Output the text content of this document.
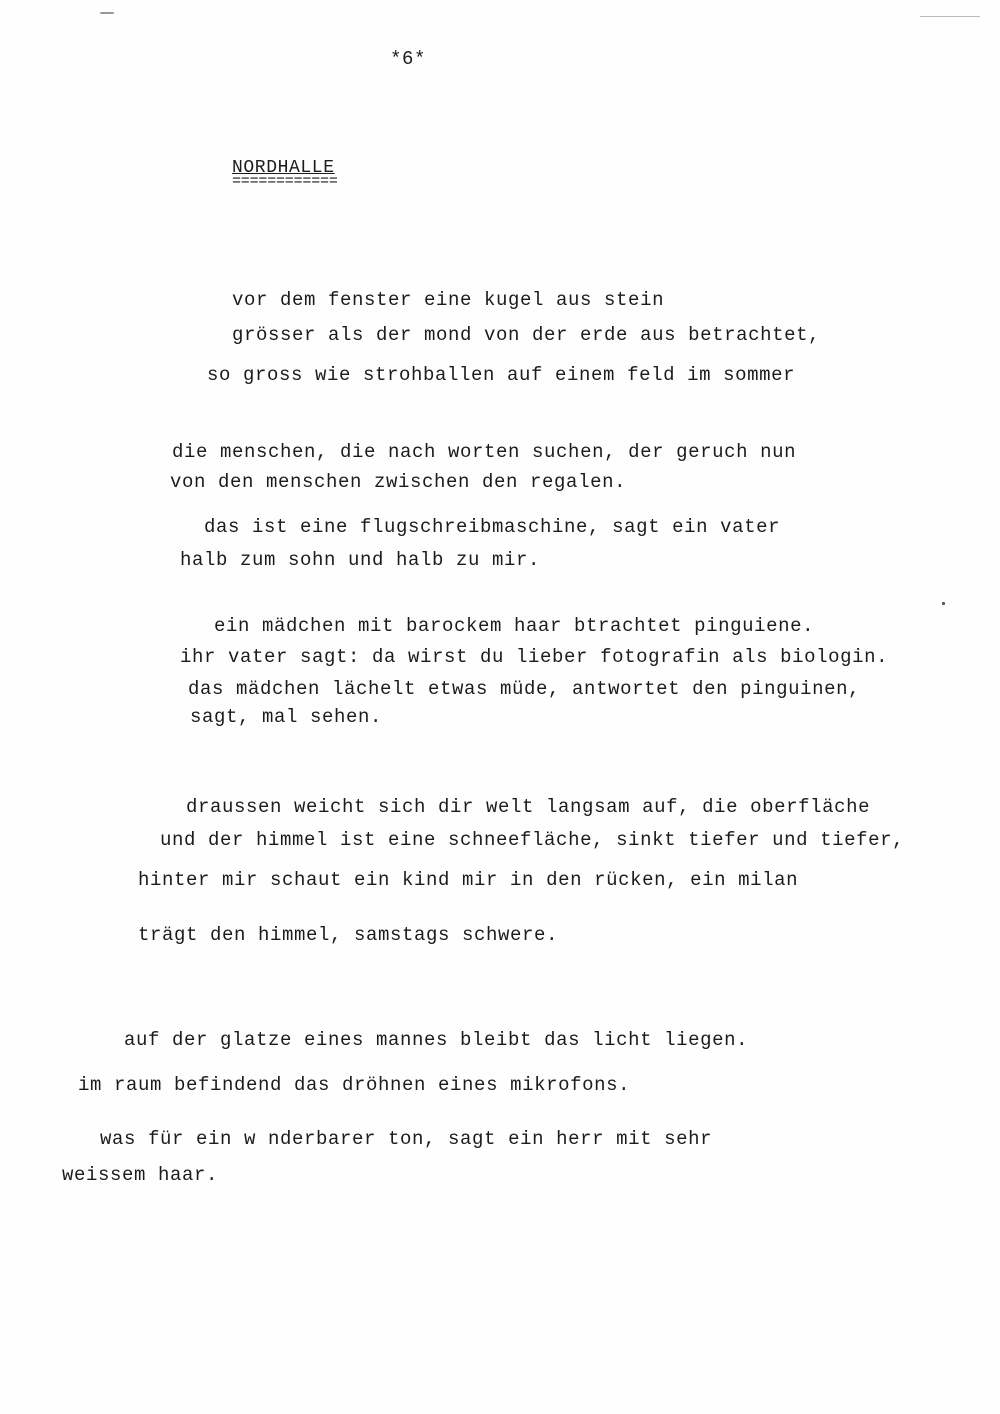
*6*
NORDHALLE
============
vor dem fenster eine kugel aus stein
grösser als der mond von der erde aus betrachtet,
so gross wie strohballen auf einem feld im sommer
die menschen, die nach worten suchen, der geruch nun
von den menschen zwischen den regalen.
das ist eine flugschreibmaschine, sagt ein vater
halb zum sohn und halb zu mir.
ein mädchen mit barockem haar btrachtet pinguiene.
ihr vater sagt: da wirst du lieber fotografin als biologin.
das mädchen lächelt etwas müde, antwortet den pinguinen,
sagt, mal sehen.
draussen weicht sich dir welt langsam auf, die oberfläche
und der himmel ist eine schneefläche, sinkt tiefer und tiefer,
hinter mir schaut ein kind mir in den rücken, ein milan
trägt den himmel, samstags schwere.
auf der glatze eines mannes bleibt das licht liegen.
im raum befindend das dröhnen eines mikrofons.
was für ein w nderbarer ton, sagt ein herr mit sehr
weissem haar.
